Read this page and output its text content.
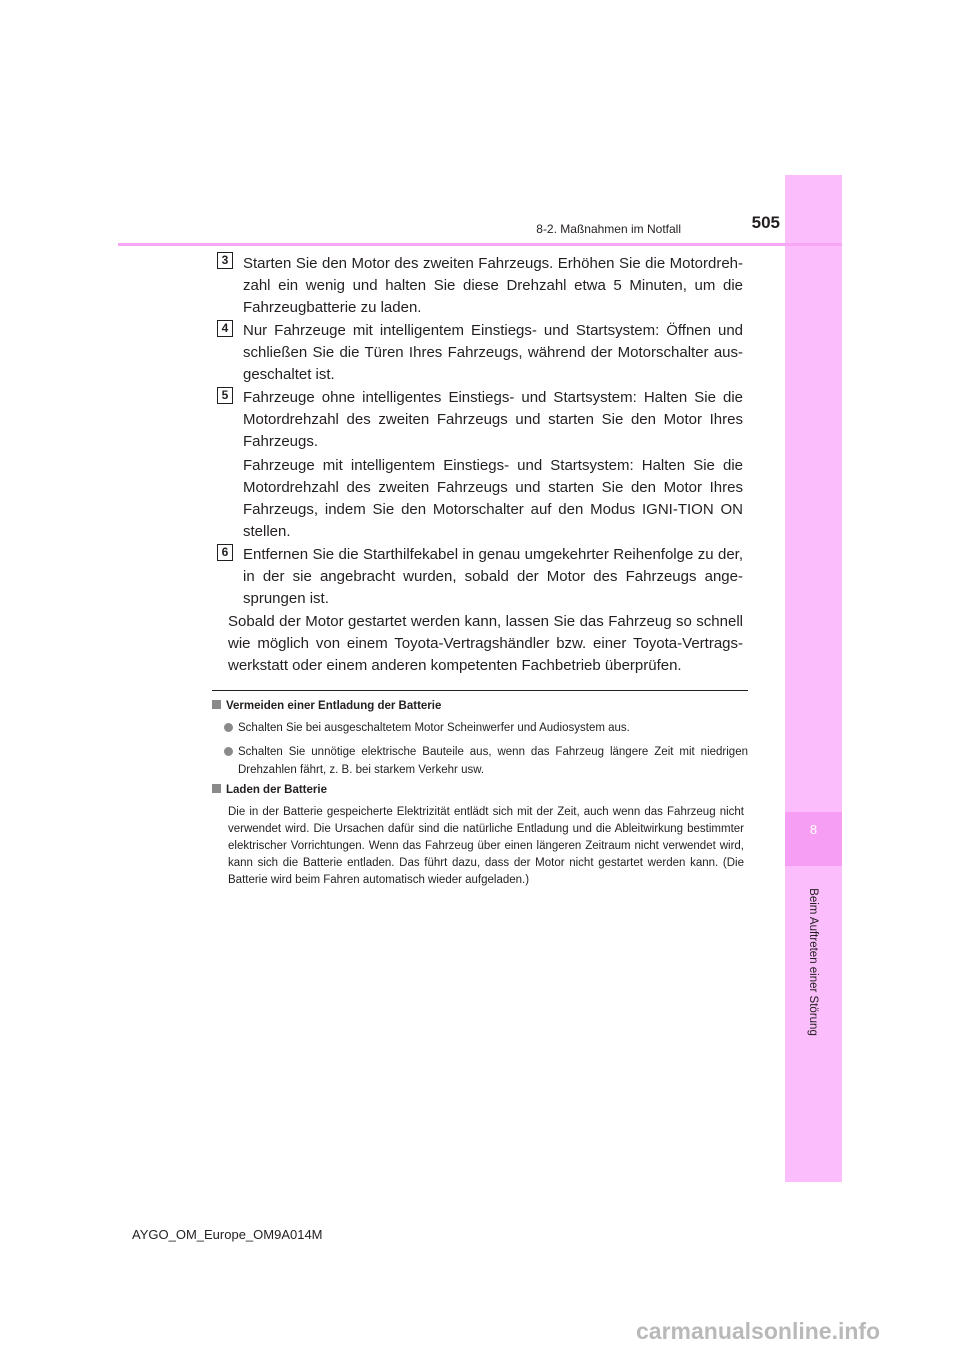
8
Beim Auftreten einer Störung
8-2. Maßnahmen im Notfall	505
3 Starten Sie den Motor des zweiten Fahrzeugs. Erhöhen Sie die Motordreh-zahl ein wenig und halten Sie diese Drehzahl etwa 5 Minuten, um die Fahrzeugbatterie zu laden.
4 Nur Fahrzeuge mit intelligentem Einstiegs- und Startsystem: Öffnen und schließen Sie die Türen Ihres Fahrzeugs, während der Motorschalter aus-geschaltet ist.
5 Fahrzeuge ohne intelligentes Einstiegs- und Startsystem: Halten Sie die Motordrehzahl des zweiten Fahrzeugs und starten Sie den Motor Ihres Fahrzeugs.
Fahrzeuge mit intelligentem Einstiegs- und Startsystem: Halten Sie die Motordrehzahl des zweiten Fahrzeugs und starten Sie den Motor Ihres Fahrzeugs, indem Sie den Motorschalter auf den Modus IGNI-TION ON stellen.
6 Entfernen Sie die Starthilfekabel in genau umgekehrter Reihenfolge zu der, in der sie angebracht wurden, sobald der Motor des Fahrzeugs ange-sprungen ist.
Sobald der Motor gestartet werden kann, lassen Sie das Fahrzeug so schnell wie möglich von einem Toyota-Vertragshändler bzw. einer Toyota-Vertrags-werkstatt oder einem anderen kompetenten Fachbetrieb überprüfen.
Vermeiden einer Entladung der Batterie
Schalten Sie bei ausgeschaltetem Motor Scheinwerfer und Audiosystem aus.
Schalten Sie unnötige elektrische Bauteile aus, wenn das Fahrzeug längere Zeit mit niedrigen Drehzahlen fährt, z. B. bei starkem Verkehr usw.
Laden der Batterie
Die in der Batterie gespeicherte Elektrizität entlädt sich mit der Zeit, auch wenn das Fahrzeug nicht verwendet wird. Die Ursachen dafür sind die natürliche Entladung und die Ableitwirkung bestimmter elektrischer Vorrichtungen. Wenn das Fahrzeug über einen längeren Zeitraum nicht verwendet wird, kann sich die Batterie entladen. Das führt dazu, dass der Motor nicht gestartet werden kann. (Die Batterie wird beim Fahren automatisch wieder aufgeladen.)
AYGO_OM_Europe_OM9A014M
carmanualsonline.info
